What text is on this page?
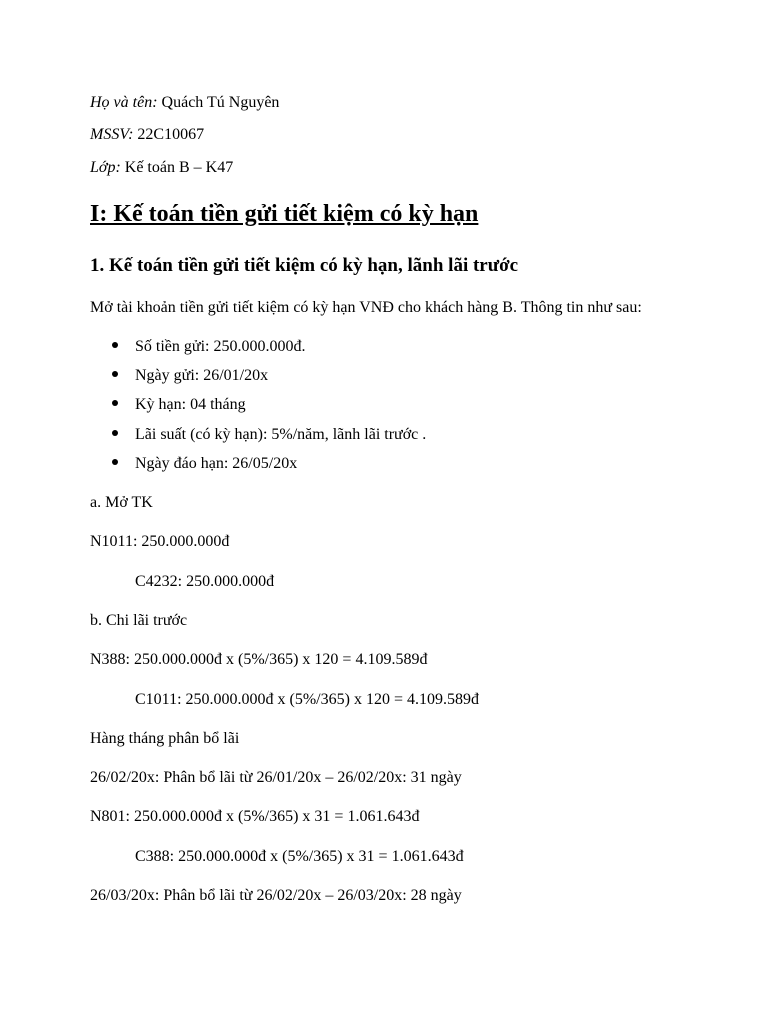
Họ và tên: Quách Tú Nguyên
MSSV: 22C10067
Lớp: Kế toán B – K47
I: Kế toán tiền gửi tiết kiệm có kỳ hạn
1. Kế toán tiền gửi tiết kiệm có kỳ hạn, lãnh lãi trước
Mở tài khoản tiền gửi tiết kiệm có kỳ hạn VNĐ cho khách hàng B. Thông tin như sau:
Số tiền gửi: 250.000.000đ.
Ngày gửi: 26/01/20x
Kỳ hạn: 04 tháng
Lãi suất (có kỳ hạn): 5%/năm, lãnh lãi trước .
Ngày đáo hạn: 26/05/20x
a. Mở TK
N1011: 250.000.000đ
C4232: 250.000.000đ
b. Chi lãi trước
N388: 250.000.000đ x (5%/365) x 120 = 4.109.589đ
C1011: 250.000.000đ x (5%/365) x 120 = 4.109.589đ
Hàng tháng phân bổ lãi
26/02/20x: Phân bổ lãi từ 26/01/20x – 26/02/20x: 31 ngày
N801: 250.000.000đ x (5%/365) x 31 = 1.061.643đ
C388: 250.000.000đ x (5%/365) x 31 = 1.061.643đ
26/03/20x: Phân bổ lãi từ 26/02/20x – 26/03/20x: 28 ngày
